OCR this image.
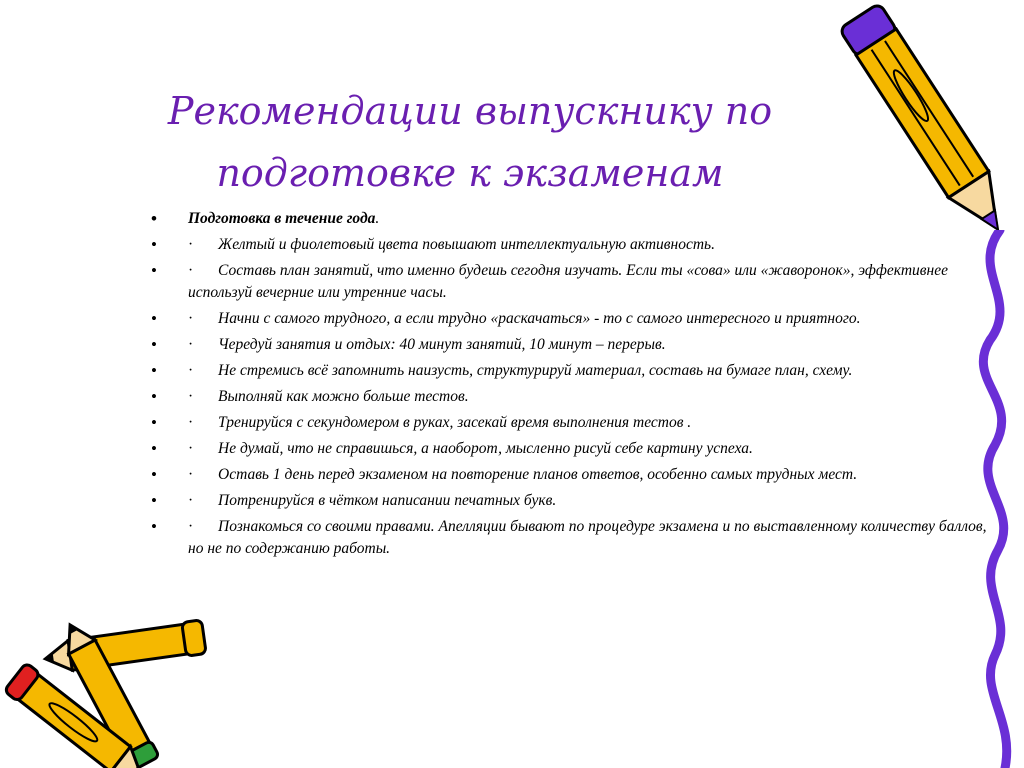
Рекомендации выпускнику по
подготовке к экзаменам
• Подготовка в течение года.
• · Желтый и фиолетовый цвета повышают интеллектуальную активность.
• · Составь план занятий, что именно будешь сегодня изучать. Если ты «сова» или «жаворонок», эффективнее используй вечерние или утренние часы.
• · Начни с самого трудного, а если трудно «раскачаться» - то с самого интересного и приятного.
• · Чередуй занятия и отдых: 40 минут занятий, 10 минут – перерыв.
• · Не стремись всё запомнить наизусть, структурируй материал, составь на бумаге план, схему.
• · Выполняй как можно больше тестов.
• · Тренируйся с секундомером в руках, засекай время выполнения тестов .
• · Не думай, что не справишься, а наоборот, мысленно рисуй себе картину успеха.
• · Оставь 1 день перед экзаменом на повторение планов ответов, особенно самых трудных мест.
• · Потренируйся в чётком написании печатных букв.
• · Познакомься со своими правами. Апелляции бывают по процедуре экзамена и по выставленному количеству баллов, но не по содержанию работы.
